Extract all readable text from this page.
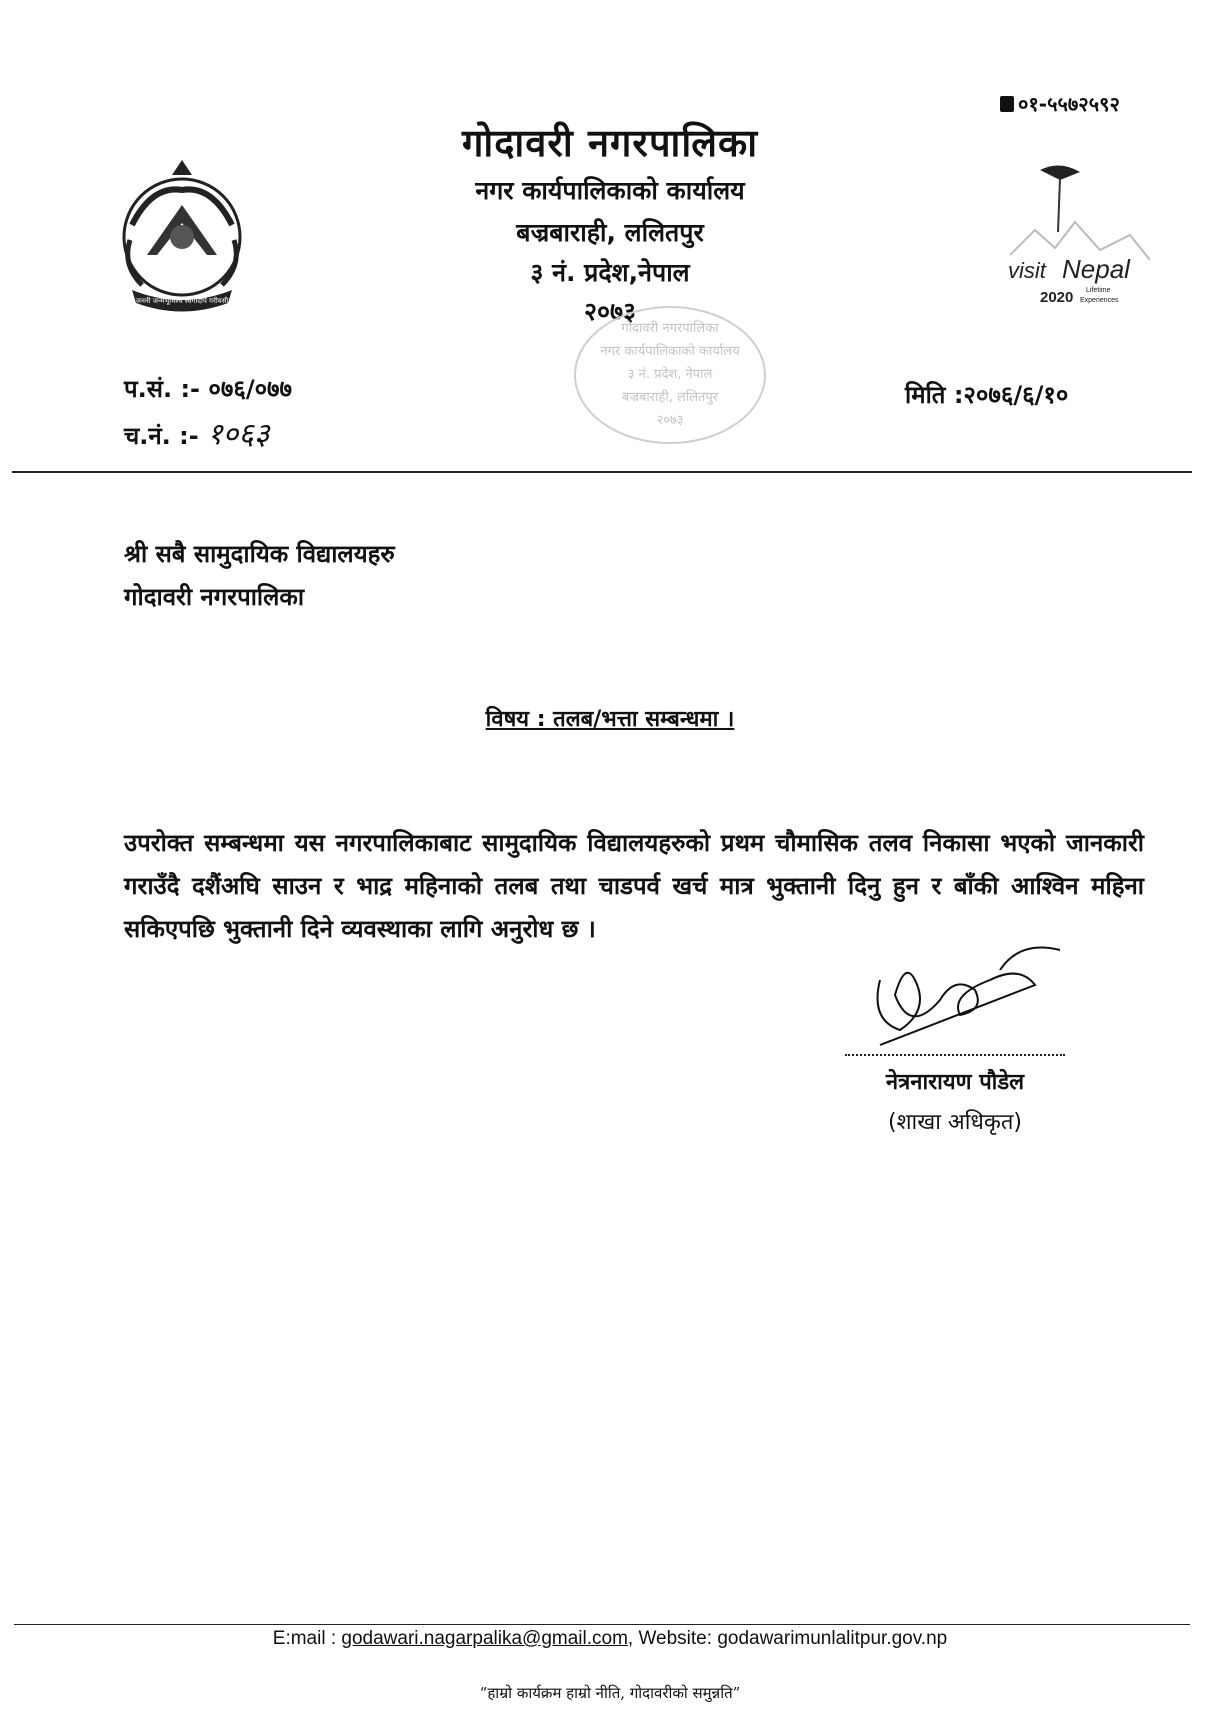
०१-५५७२५९२
जननी जन्मभूमिश्च स्वर्गादपि गरीयसी
गोदावरी नगरपालिका
नगर कार्यपालिकाको कार्यालय
बज्रबाराही, ललितपुर
३ नं. प्रदेश,नेपाल
२०७३
visit Nepal
2020 Lifetime
Experiences
गोदावरी नगरपालिका
नगर कार्यपालिकाको कार्यालय
३ नं. प्रदेश, नेपाल
बज्रबाराही, ललितपुर
२०७३
प.सं. :- ०७६/०७७
च.नं. :- १०६३
मिति :२०७६/६/१०
श्री सबै सामुदायिक विद्यालयहरु
गोदावरी नगरपालिका
विषय : तलब/भत्ता सम्बन्धमा ।
उपरोक्त सम्बन्धमा यस नगरपालिकाबाट सामुदायिक विद्यालयहरुको प्रथम चौमासिक तलव निकासा भएको जानकारी गराउँदै दशैंअघि साउन र भाद्र महिनाको तलब तथा चाडपर्व खर्च मात्र भुक्तानी दिनु हुन र बाँकी आश्विन महिना सकिएपछि भुक्तानी दिने व्यवस्थाका लागि अनुरोध छ ।
नेत्रनारायण पौडेल
(शाखा अधिकृत)
E:mail : godawari.nagarpalika@gmail.com, Website: godawarimunlalitpur.gov.np
“हाम्रो कार्यक्रम हाम्रो नीति, गोदावरीको समुन्नति”
